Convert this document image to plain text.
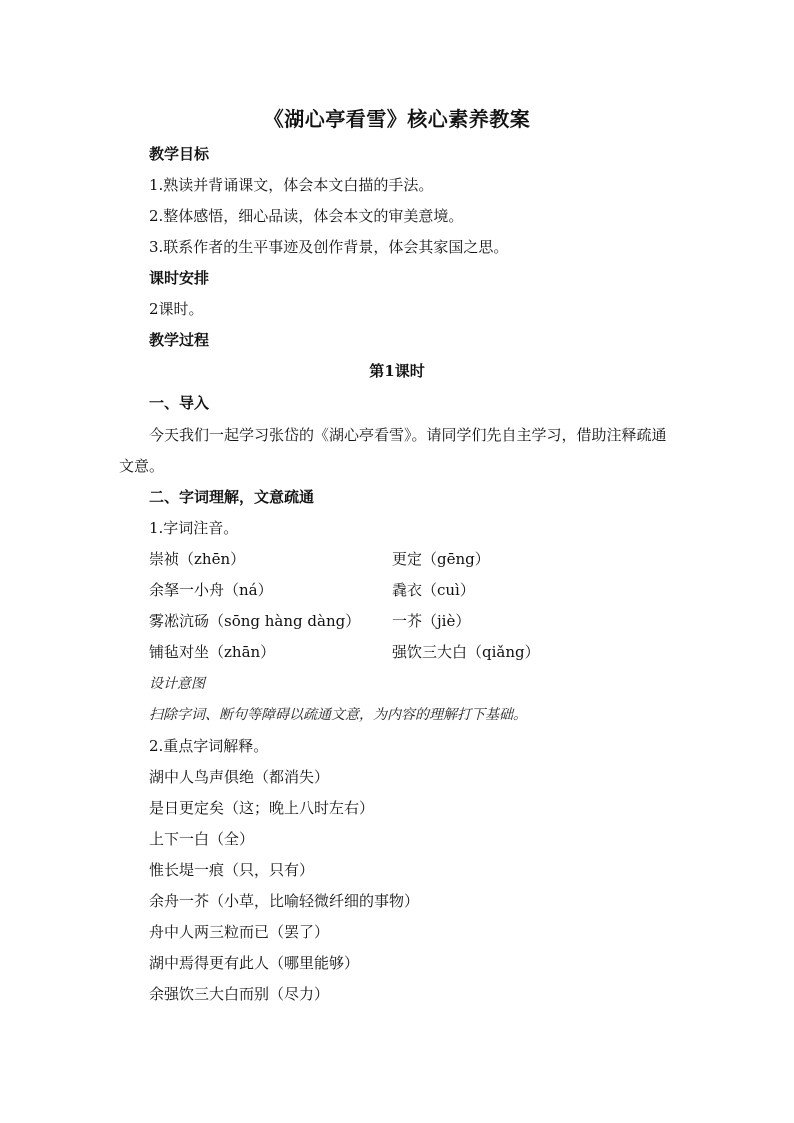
《湖心亭看雪》核心素养教案
教学目标
1.熟读并背诵课文，体会本文白描的手法。
2.整体感悟，细心品读，体会本文的审美意境。
3.联系作者的生平事迹及创作背景，体会其家国之思。
课时安排
2课时。
教学过程
第1课时
一、导入
今天我们一起学习张岱的《湖心亭看雪》。请同学们先自主学习，借助注释疏通文意。
二、字词理解，文意疏通
1.字词注音。
崇祯（zhēn）	更定（gēng）
余拏一小舟（ná）	毳衣（cuì）
雾凇沆砀（sōng hàng dàng） 一芥（jiè）
铺毡对坐（zhān）	强饮三大白（qiǎng）
设计意图
扫除字词、断句等障碍以疏通文意，为内容的理解打下基础。
2.重点字词解释。
湖中人鸟声俱绝（都消失）
是日更定矣（这；晚上八时左右）
上下一白（全）
惟长堤一痕（只，只有）
余舟一芥（小草，比喻轻微纤细的事物）
舟中人两三粒而已（罢了）
湖中焉得更有此人（哪里能够）
余强饮三大白而别（尽力）
